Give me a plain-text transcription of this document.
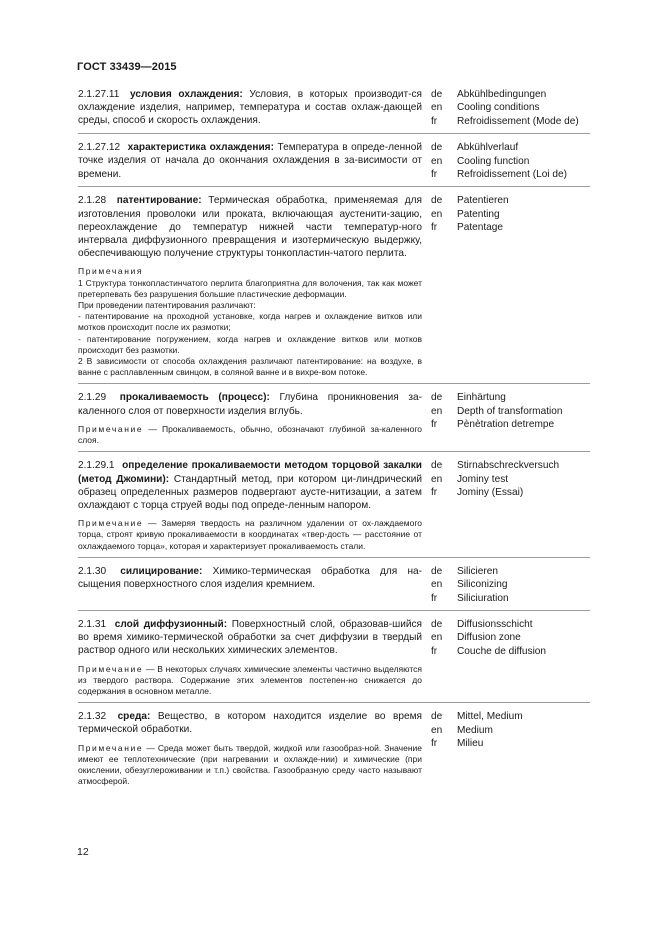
ГОСТ 33439—2015

2.1.27.11 условия охлаждения: Условия, в которых производит-ся охлаждение изделия, например, температура и состав охлаж-дающей среды, способ и скорость охлаждения.

de	Abkühlbedingungen
en	Cooling conditions
fr	Refroidissement (Mode de)

2.1.27.12 характеристика охлаждения: Температура в опреде-ленной точке изделия от начала до окончания охлаждения в за-висимости от времени.

de	Abkühlverlauf
en	Cooling function
fr	Refroidissement (Loi de)

2.1.28 патентирование: Термическая обработка, применяемая для изготовления проволоки или проката, включающая аустенити-зацию, переохлаждение до температур нижней части температур-ного интервала диффузионного превращения и изотермическую выдержку, обеспечивающую получение структуры тонкопластин-чатого перлита.

Примечания

1 Структура тонкопластинчатого перлита благоприятна для волочения, так как может претерпевать без разрушения большие пластические деформации.

При проведении патентирования различают:

- патентирование на проходной установке, когда нагрев и охлаждение витков или мотков происходит после их размотки;

- патентирование погружением, когда нагрев и охлаждение витков или мотков происходит без размотки.

2 В зависимости от способа охлаждения различают патентирование: на воздухе, в ванне с расплавленным свинцом, в соляной ванне и в вихре-вом потоке.

de	Patentieren
en	Patenting
fr	Patentage

2.1.29 прокаливаемость (процесс): Глубина проникновения за-каленного слоя от поверхности изделия вглубь.

Примечание — Прокаливаемость, обычно, обозначают глубиной за-каленного слоя.

de	Einhärtung
en	Depth of transformation
fr	Pènètration detrempe

2.1.29.1 определение прокаливаемости методом торцовой закалки (метод Джомини): Стандартный метод, при котором ци-линдрический образец определенных размеров подвергают аусте-нитизации, а затем охлаждают с торца струей воды под опреде-ленным напором.

Примечание — Замеряя твердость на различном удалении от ох-лаждаемого торца, строят кривую прокаливаемости в координатах «твер-дость — расстояние от охлаждаемого торца», которая и характеризует прокаливаемость стали.

de	Stirnabschreckversuch
en	Jominy test
fr	Jominy (Essai)

2.1.30 силицирование: Химико-термическая обработка для на-сыщения поверхностного слоя изделия кремнием.

de	Silicieren
en	Siliconizing
fr	Siliciuration

2.1.31 слой диффузионный: Поверхностный слой, образовав-шийся во время химико-термической обработки за счет диффузии в твердый раствор одного или нескольких химических элементов.

Примечание — В некоторых случаях химические элементы частично выделяются из твердого раствора. Содержание этих элементов постепен-но снижается до содержания в основном металле.

de	Diffusionsschicht
en	Diffusion zone
fr	Couche de diffusion

2.1.32 среда: Вещество, в котором находится изделие во время термической обработки.

Примечание — Среда может быть твердой, жидкой или газообраз-ной. Значение имеют ее теплотехнические (при нагревании и охлажде-нии) и химические (при окислении, обезуглероживании и т.п.) свойства. Газообразную среду часто называют атмосферой.

de	Mittel, Medium
en	Medium
fr	Milieu
12
